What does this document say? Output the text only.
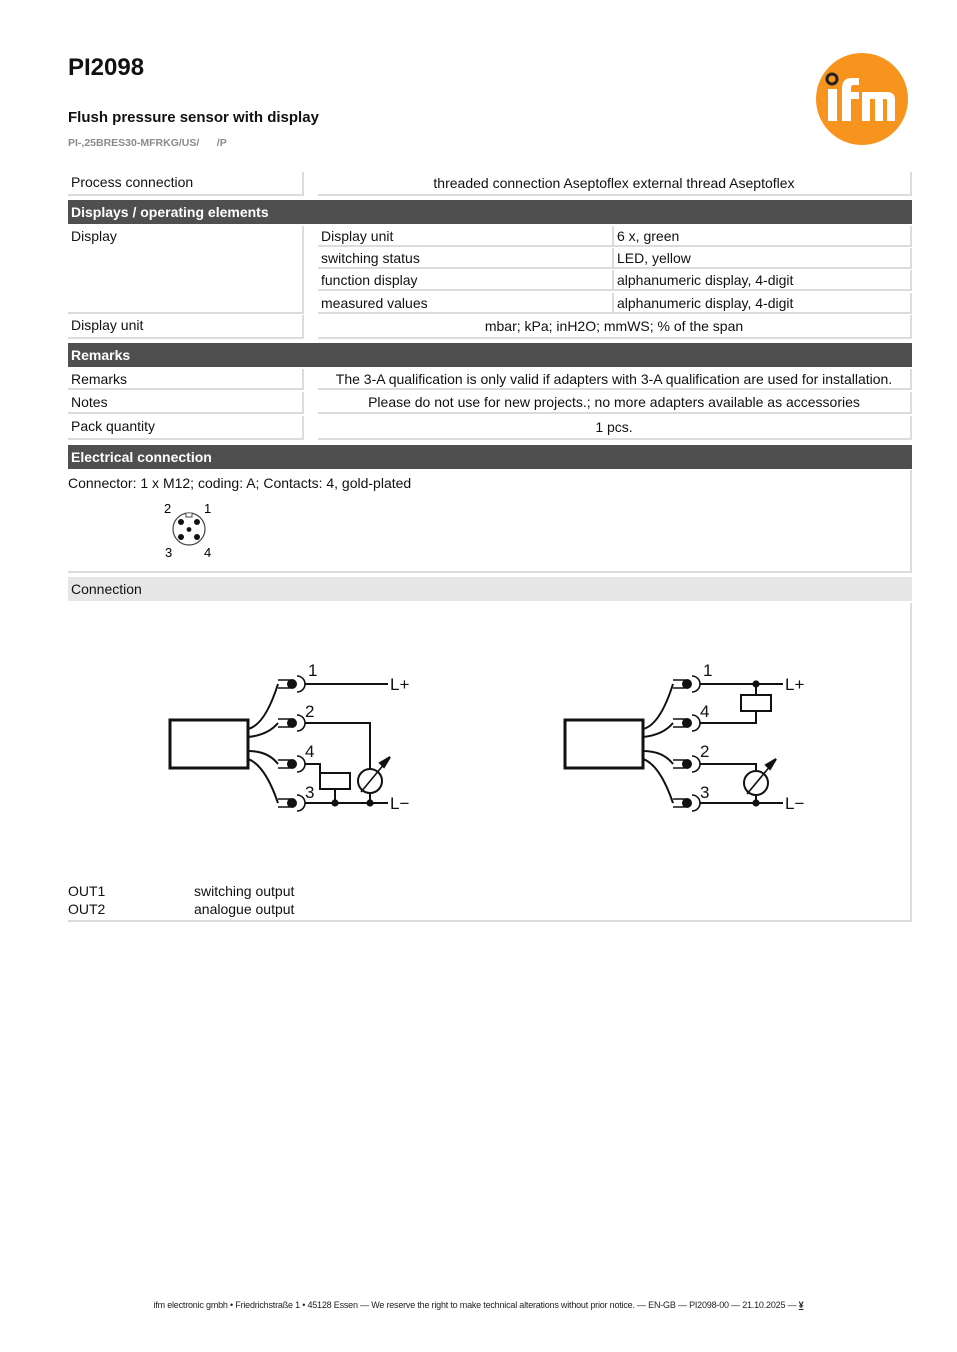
PI2098
Flush pressure sensor with display
PI-,25BRES30-MFRKG/US/      /P
Process connection	threaded connection Aseptoflex external thread Aseptoflex
Displays / operating elements
Display	Display unit	6 x, green
switching status	LED, yellow
function display	alphanumeric display, 4-digit
measured values	alphanumeric display, 4-digit
Display unit	mbar; kPa; inH2O; mmWS; % of the span
Remarks
Remarks	The 3-A qualification is only valid if adapters with 3-A qualification are used for installation.
Notes	Please do not use for new projects.; no more adapters available as accessories
Pack quantity	1 pcs.
Electrical connection
Connector: 1 x M12; coding: A; Contacts: 4, gold-plated
2	1
3 4
Connection
1
2
4
3
L+
L−
1
4
2
3
L+
L−
OUT1	switching output
OUT2	analogue output
ifm electronic gmbh • Friedrichstraße 1 • 45128 Essen — We reserve the right to make technical alterations without prior notice. — EN-GB — PI2098-00 — 21.10.2025 — ¥
